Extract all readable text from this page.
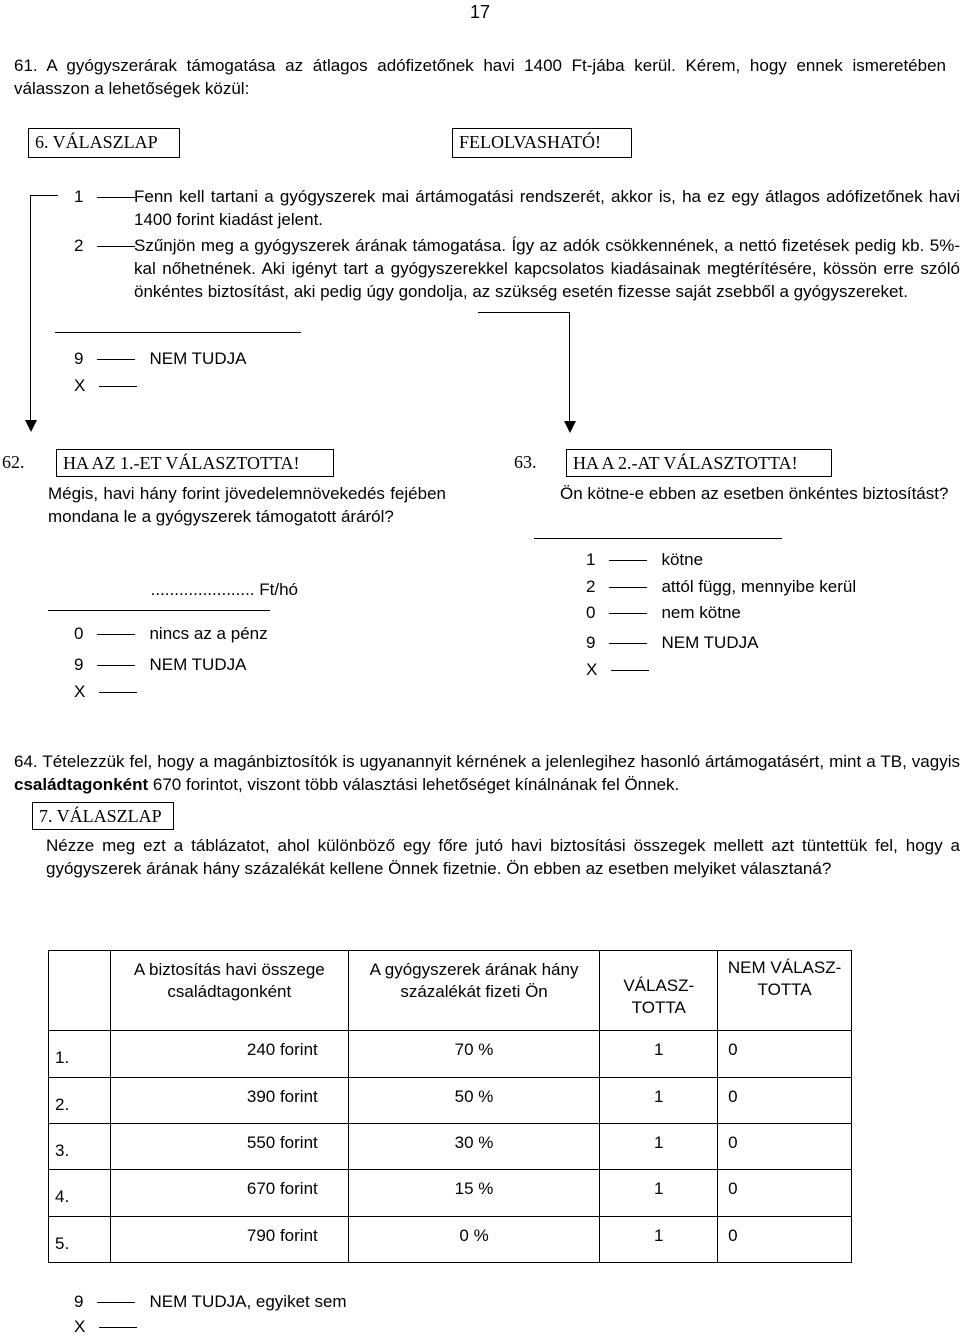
17
61. A gyógyszerárak támogatása az átlagos adófizetőnek havi 1400 Ft-jába kerül. Kérem, hogy ennek ismeretében válasszon a lehetőségek közül:
6. VÁLASZLAP	FELOLVASHATÓ!
1	Fenn kell tartani a gyógyszerek mai ártámogatási rendszerét, akkor is, ha ez egy átlagos adófizetőnek havi 1400 forint kiadást jelent.
2	Szűnjön meg a gyógyszerek árának támogatása. Így az adók csökkennének, a nettó fizetések pedig kb. 5%-kal nőhetnének. Aki igényt tart a gyógyszerekkel kapcsolatos kiadásainak megtérítésére, kössön erre szóló önkéntes biztosítást, aki pedig úgy gondolja, az szükség esetén fizesse saját zsebből a gyógyszereket.
9	NEM TUDJA
X
62.	HA AZ 1.-ET VÁLASZTOTTA!
Mégis, havi hány forint jövedelemnövekedés fejében mondana le a gyógyszerek támogatott áráról?
...................... Ft/hó
0	nincs az a pénz
9	NEM TUDJA
X
63.	HA A 2.-AT VÁLASZTOTTA!
Ön kötne-e ebben az esetben önkéntes biztosítást?
1	kötne
2	attól függ, mennyibe kerül
0	nem kötne
9	NEM TUDJA
X
64. Tételezzük fel, hogy a magánbiztosítók is ugyanannyit kérnének a jelenlegihez hasonló ártámogatásért, mint a TB, vagyis családtagonként 670 forintot, viszont több választási lehetőséget kínálnának fel Önnek.
7. VÁLASZLAP
Nézze meg ezt a táblázatot, ahol különböző egy főre jutó havi biztosítási összegek mellett azt tüntettük fel, hogy a gyógyszerek árának hány százalékát kellene Önnek fizetnie. Ön ebben az esetben melyiket választaná?
	A biztosítás havi összege családtagonként	A gyógyszerek árának hány százalékát fizeti Ön	VÁLASZ- TOTTA	NEM VÁLASZ- TOTTA
1.	240 forint	70 %	1	0
2.	390 forint	50 %	1	0
3.	550 forint	30 %	1	0
4.	670 forint	15 %	1	0
5.	790 forint	0 %	1	0
9	NEM TUDJA, egyiket sem
X
